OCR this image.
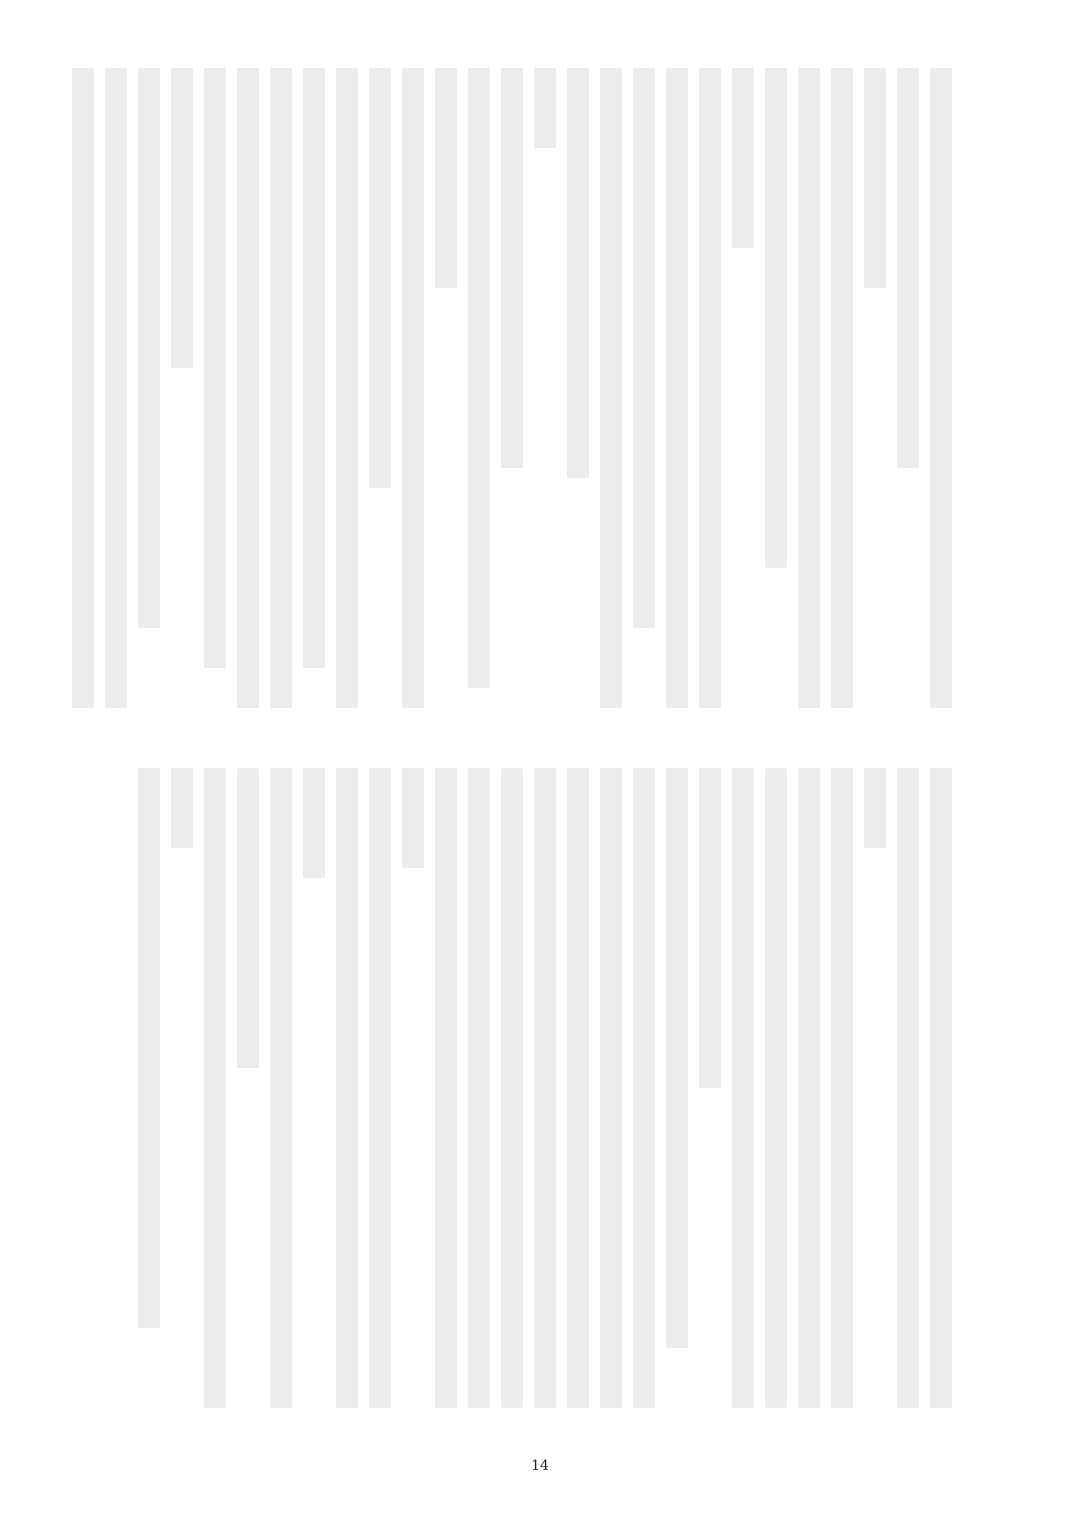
14
